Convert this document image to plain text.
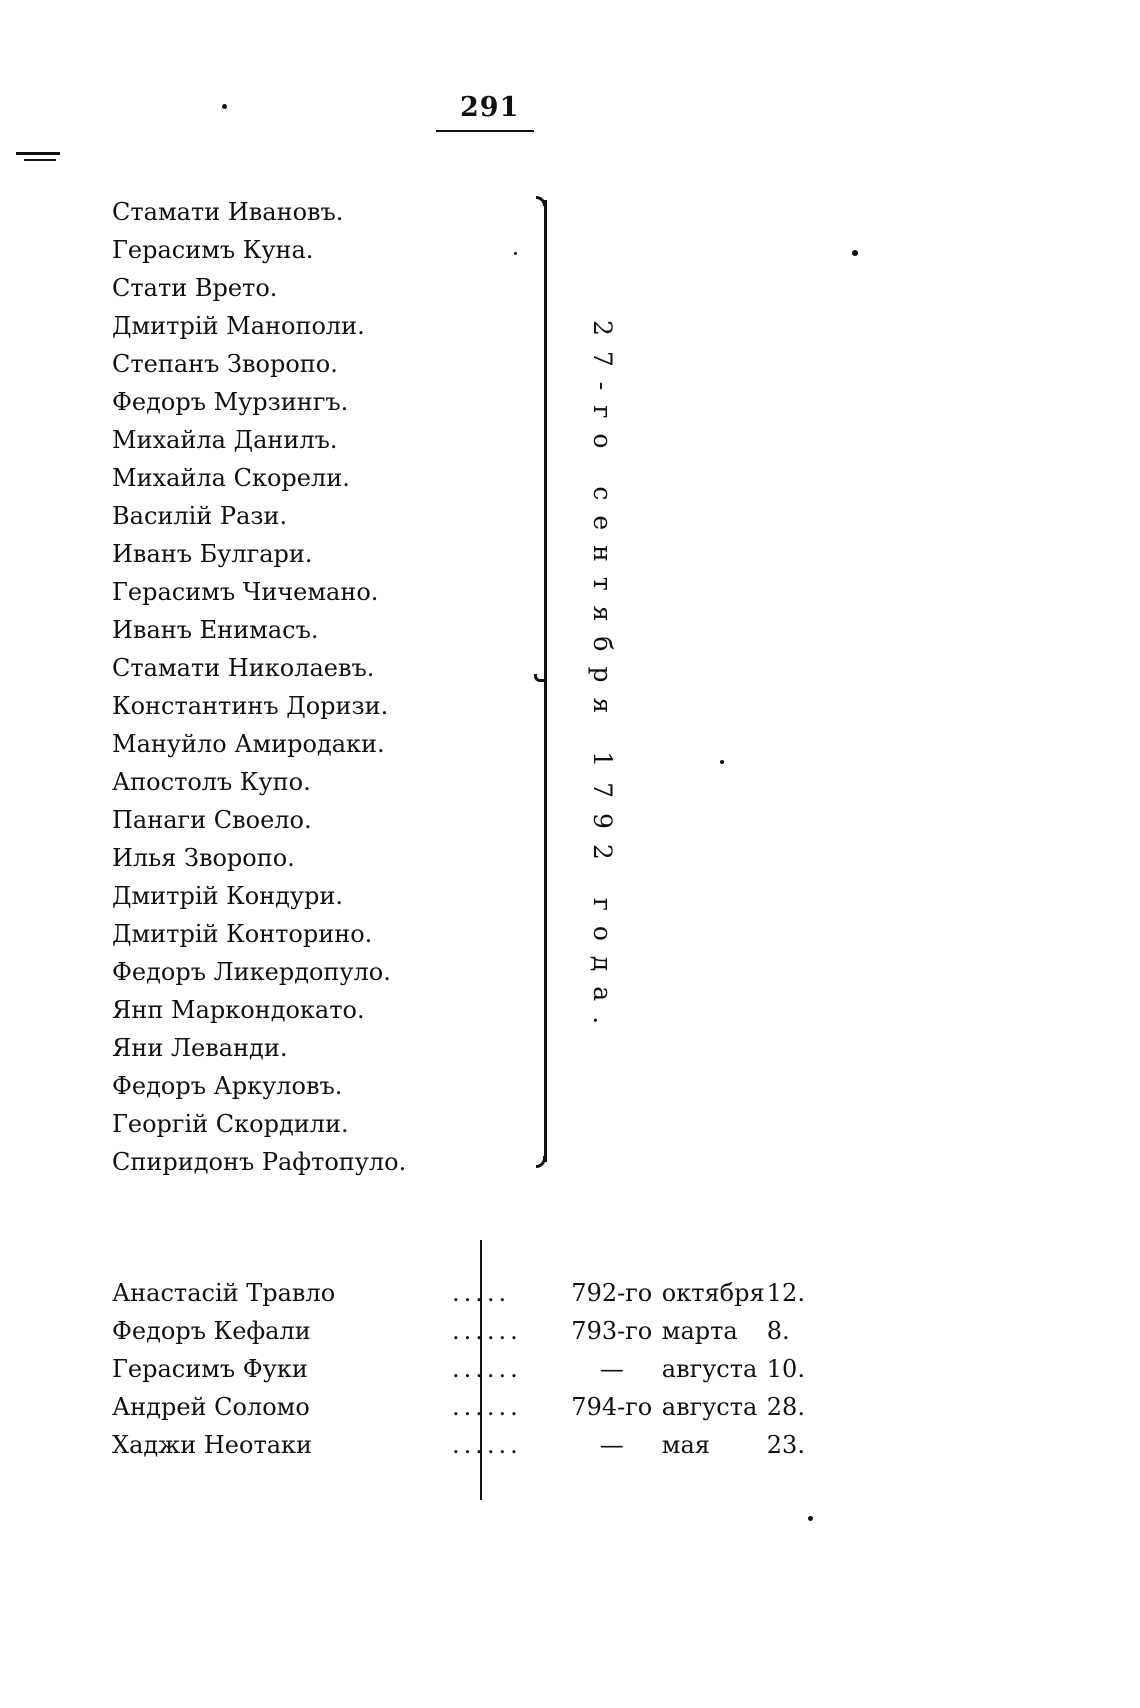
291
Стамати Ивановъ.
Герасимъ Куна.
Стати Врето.
Дмитрій Манополи.
Степанъ Зворопо.
Федоръ Мурзингъ.
Михайла Данилъ.
Михайла Скорели.
Василій Рази.
Иванъ Булгари.
Герасимъ Чичемано.
Иванъ Енимасъ.
Стамати Николаевъ.
Константинъ Доризи.
Мануйло Амиродаки.
Апостолъ Купо.
Панаги Своело.
Илья Зворопо.
Дмитрій Кондури.
Дмитрій Конторино.
Федоръ Ликердопуло.
Янп Маркондокато.
Яни Леванди.
Федоръ Аркуловъ.
Георгій Скордили.
Спиридонъ Рафтопуло.
27-го сентября 1792 года.
Анастасій Травло	.....		792-го	октября	12.
Федоръ Кефали	......		793-го	марта	8.
Герасимъ Фуки	......		—	августа	10.
Андрей Соломо	......		794-го	августа	28.
Хаджи Неотаки	......		—	мая	23.
